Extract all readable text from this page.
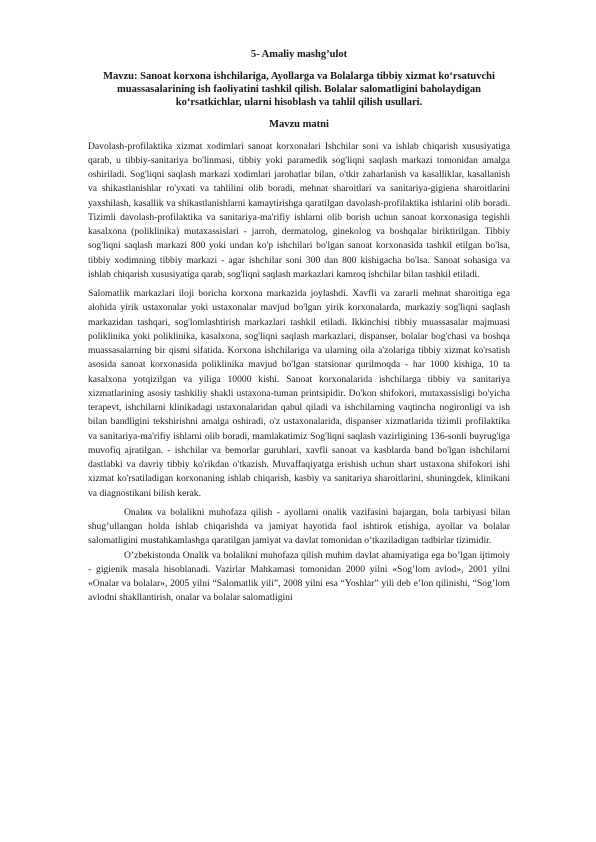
5- Amaliy mashg’ulot

Mavzu: Sanoat korxona ishchilariga, Ayollarga va Bolalarga tibbiy xizmat ko‘rsatuvchi muassasalarining ish faoliyatini tashkil qilish. Bolalar salomatligini baholaydigan ko‘rsatkichlar, ularni hisoblash va tahlil qilish usullari.

Mavzu matni

Davolash-profilaktika xizmat xodimlari sanoat korxonalari Ishchilar soni va ishlab chiqarish xususiyatiga qarab, u tibbiy-sanitariya bo'linmasi, tibbiy yoki paramedik sog'liqni saqlash markazi tomonidan amalga oshiriladi. Sog'liqni saqlash markazi xodimlari jarohatlar bilan, o'tkir zaharlanish va kasalliklar, kasallanish va shikastlanishlar ro'yxati va tahlilini olib boradi, mehnat sharoitlari va sanitariya-gigiena sharoitlarini yaxshilash, kasallik va shikastlanishlarni kamaytirishga qaratilgan davolash-profilaktika ishlarini olib boradi. Tizimli davolash-profilaktika va sanitariya-ma'rifiy ishlarni olib borish uchun sanoat korxonasiga tegishli kasalxona (poliklinika) mutaxassislari - jarroh, dermatolog, ginekolog va boshqalar biriktirilgan. Tibbiy sog'liqni saqlash markazi 800 yoki undan ko'p ishchilari bo'lgan sanoat korxonasida tashkil etilgan bo'lsa, tibbiy xodimning tibbiy markazi - agar ishchilar soni 300 dan 800 kishigacha bo'lsa. Sanoat sohasiga va ishlab chiqarish xususiyatiga qarab, sog'liqni saqlash markazlari kamroq ishchilar bilan tashkil etiladi.

Salomatlik markazlari iloji boricha korxona markazida joylashdi. Xavfli va zararli mehnat sharoitiga ega alohida yirik ustaxonalar yoki ustaxonalar mavjud bo'lgan yirik korxonalarda, markaziy sog'liqni saqlash markazidan tashqari, sog'lomlashtirish markazlari tashkil etiladi. Ikkinchisi tibbiy muassasalar majmuasi poliklinika yoki poliklinika, kasalxona, sog'liqni saqlash markazlari, dispanser, bolalar bog'chasi va boshqa muassasalarning bir qismi sifatida. Korxona ishchilariga va ularning oila a'zolariga tibbiy xizmat ko'rsatish asosida sanoat korxonasida poliklinika mavjud bo'lgan statsionar qurilmoqda - har 1000 kishiga, 10 ta kasalxona yotqizilgan va yiliga 10000 kishi. Sanoat korxonalarida ishchilarga tibbiy va sanitariya xizmatlarining asosiy tashkiliy shakli ustaxona-tuman printsipidir. Do'kon shifokori, mutaxassisligi bo'yicha terapevt, ishchilarni klinikadagi ustaxonalaridan qabul qiladi va ishchilarning vaqtincha nogironligi va ish bilan bandligini tekshirishni amalga oshiradi, o'z ustaxonalarida, dispanser xizmatlarida tizimli profilaktika va sanitariya-ma'rifiy ishlarni olib boradi, mamlakatimiz Sog'liqni saqlash vazirligining 136-sonli buyrug'iga muvofiq ajratilgan. - ishchilar va bemorlar guruhlari, xavfli sanoat va kasblarda band bo'lgan ishchilarni dastlabki va davriy tibbiy ko'rikdan o'tkazish. Muvaffaqiyatga erishish uchun shart ustaxona shifokori ishi xizmat ko'rsatiladigan korxonaning ishlab chiqarish, kasbiy va sanitariya sharoitlarini, shuningdek, klinikani va diagnostikani bilish kerak.

Onalик va bolalikni muhofaza qilish - ayollarni onalik vazifasini bajargan, bola tarbiyasi bilan shug’ullangan holda ishlab chiqarishda va jamiyat hayotida faol ishtirok etishiga, ayollar va bolalar salomatligini mustahkamlashga qaratilgan jamiyat va davlat tomonidan o’tkaziladigan tadbirlar tizimidir.

O’zbekistonda Onalik va bolalikni muhofaza qilish muhim davlat ahamiyatiga ega bo’lgan ijtimoiy - gigienik masala hisoblanadi. Vazirlar Mahkamasi tomonidan 2000 yilni «Sog’lom avlod», 2001 yilni «Onalar va bolalar», 2005 yilni “Salomatlik yili”, 2008 yilni esa “Yoshlar” yili deb e’lon qilinishi, “Sog’lom avlodni shakllantirish, onalar va bolalar salomatligini
